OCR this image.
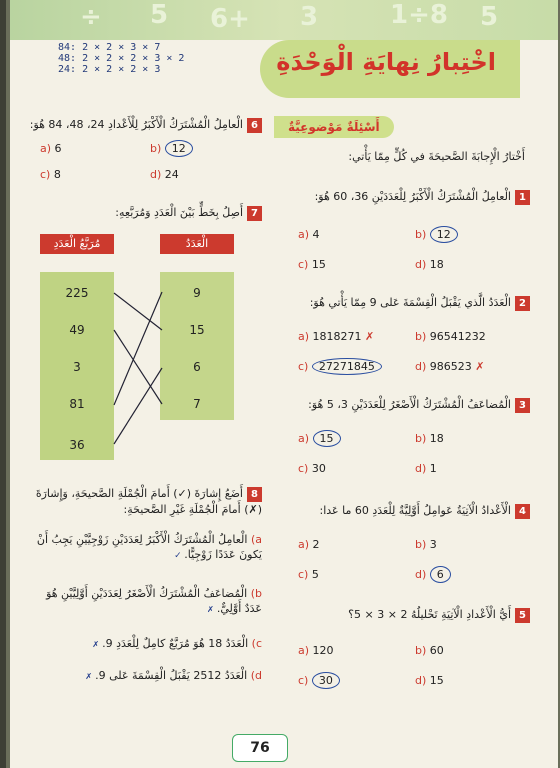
÷ 5 6+ 3	1÷8 5
84: 2 × 2 × 3 × 7
48: 2 × 2 × 2 × 3 × 2
24: 2 × 2 × 2 × 3	اخْتِبارُ نِهايَةِ الْوَحْدَةِ
أَسْئِلَةٌ مَوْضوعِيَّةٌ
أَخْتارُ الْإِجابَةَ الصَّحيحَةَ في كُلٍّ مِمّا يَأْتي:
1الْعامِلُ الْمُشْتَرَكُ الْأَكْبَرُ لِلْعَدَدَيْنِ 36، 60 هُوَ:
a) 4	b) 12
c) 15	d) 18
2الْعَدَدُ الَّذي يَقْبَلُ الْقِسْمَةَ عَلى 9 مِمّا يَأْتي هُوَ:
a) 1818271 ✗	b) 96541232
c) 27271845	d) 986523 ✗
3الْمُضاعَفُ الْمُشْتَرَكُ الْأَصْغَرُ لِلْعَدَدَيْنِ 3، 5 هُوَ:
a) 15	b) 18
c) 30	d) 1
4الْأَعْدادُ الْآتِيَةُ عَوامِلُ أَوَّلِيَّةٌ لِلْعَدَدِ 60 ما عَدا:
a) 2	b) 3
c) 5	d) 6
5أَيُّ الْأَعْدادِ الْآتِيَةِ تَحْليلُهُ 2 × 3 × 5؟
a) 120	b) 60
c) 30	d) 15
6الْعامِلُ الْمُشْتَرَكُ الْأَكْبَرُ لِلْأَعْدادِ 24، 48، 84 هُوَ:
a) 6	b) 12
c) 8	d) 24
7أَصِلُ بِخَطٍّ بَيْنَ الْعَدَدِ وَمُرَبَّعِهِ:
مُرَبَّعُ الْعَدَدِ	الْعَدَدُ
225
49
3
81
36
9
15
6
7
8أَضَعُ إِشارَةَ (✓) أَمامَ الْجُمْلَةِ الصَّحيحَةِ، وَإِشارَةَ (✗) أَمامَ الْجُمْلَةِ غَيْرِ الصَّحيحَةِ:
a) الْعامِلُ الْمُشْتَرَكُ الْأَكْبَرُ لِعَدَدَيْنِ زَوْجِيَّيْنِ يَجِبُ أَنْ يَكونَ عَدَدًا زَوْجِيًّا. ✓
b) الْمُضاعَفُ الْمُشْتَرَكُ الْأَصْغَرُ لِعَدَدَيْنِ أَوَّلِيَّيْنِ هُوَ عَدَدٌ أَوَّلِيٌّ. ✗
c) الْعَدَدُ 18 هُوَ مُرَبَّعٌ كامِلٌ لِلْعَدَدِ 9. ✗
d) الْعَدَدُ 2512 يَقْبَلُ الْقِسْمَةَ عَلى 9. ✗
76
